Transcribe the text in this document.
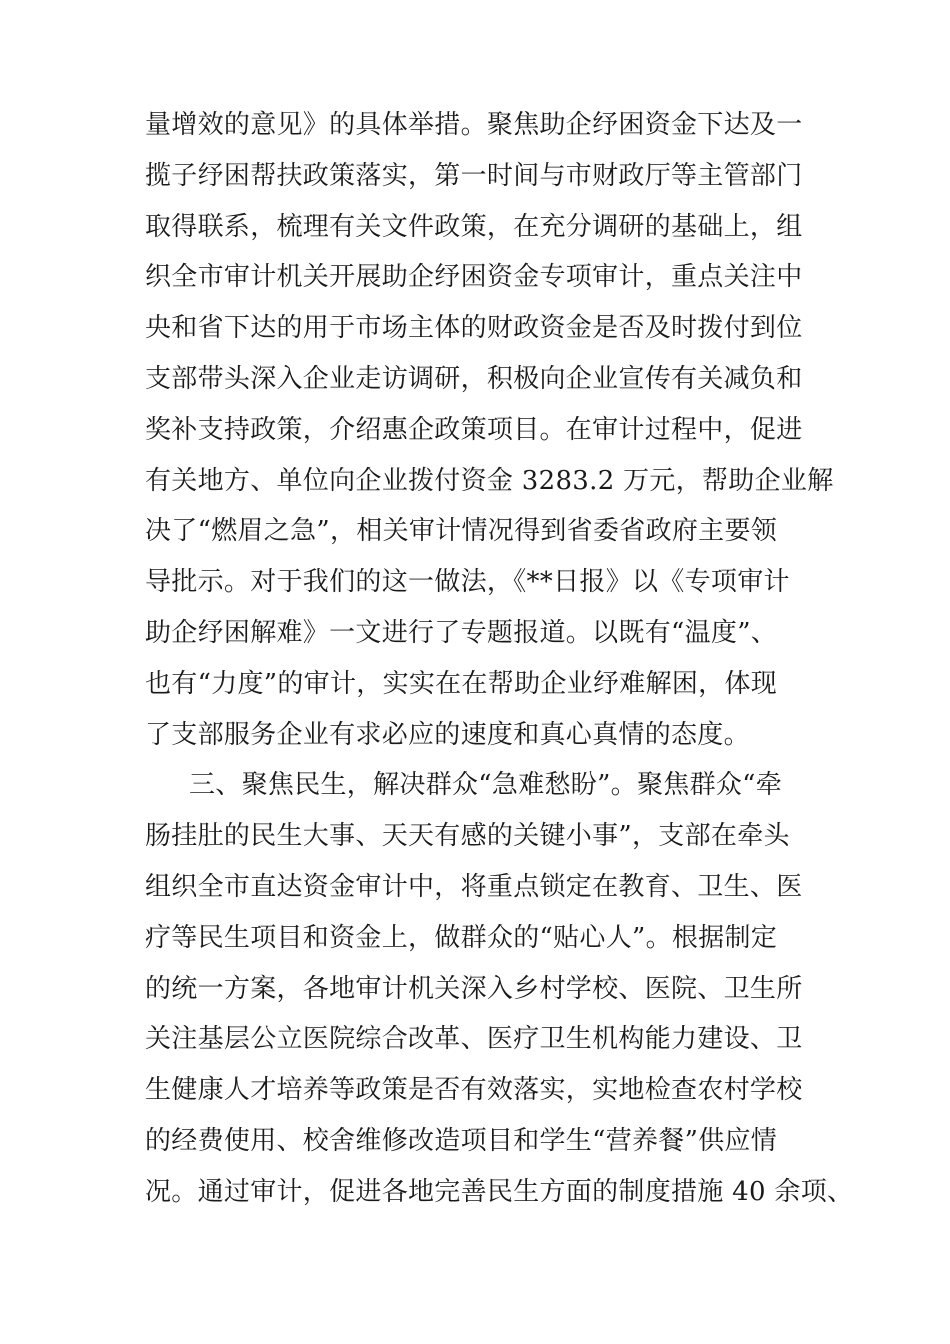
量增效的意见》的具体举措。聚焦助企纾困资金下达及一
揽子纾困帮扶政策落实，第一时间与市财政厅等主管部门
取得联系，梳理有关文件政策，在充分调研的基础上，组
织全市审计机关开展助企纾困资金专项审计，重点关注中
央和省下达的用于市场主体的财政资金是否及时拨付到位
支部带头深入企业走访调研，积极向企业宣传有关减负和
奖补支持政策，介绍惠企政策项目。在审计过程中，促进
有关地方、单位向企业拨付资金 3283.2 万元，帮助企业解
决了“燃眉之急”，相关审计情况得到省委省政府主要领
导批示。对于我们的这一做法，《**日报》以《专项审计
助企纾困解难》一文进行了专题报道。以既有“温度”、
也有“力度”的审计，实实在在帮助企业纾难解困，体现
了支部服务企业有求必应的速度和真心真情的态度。
三、聚焦民生，解决群众“急难愁盼”。聚焦群众“牵
肠挂肚的民生大事、天天有感的关键小事”，支部在牵头
组织全市直达资金审计中，将重点锁定在教育、卫生、医
疗等民生项目和资金上，做群众的“贴心人”。根据制定
的统一方案，各地审计机关深入乡村学校、医院、卫生所
关注基层公立医院综合改革、医疗卫生机构能力建设、卫
生健康人才培养等政策是否有效落实，实地检查农村学校
的经费使用、校舍维修改造项目和学生“营养餐”供应情
况。通过审计，促进各地完善民生方面的制度措施 40 余项、
